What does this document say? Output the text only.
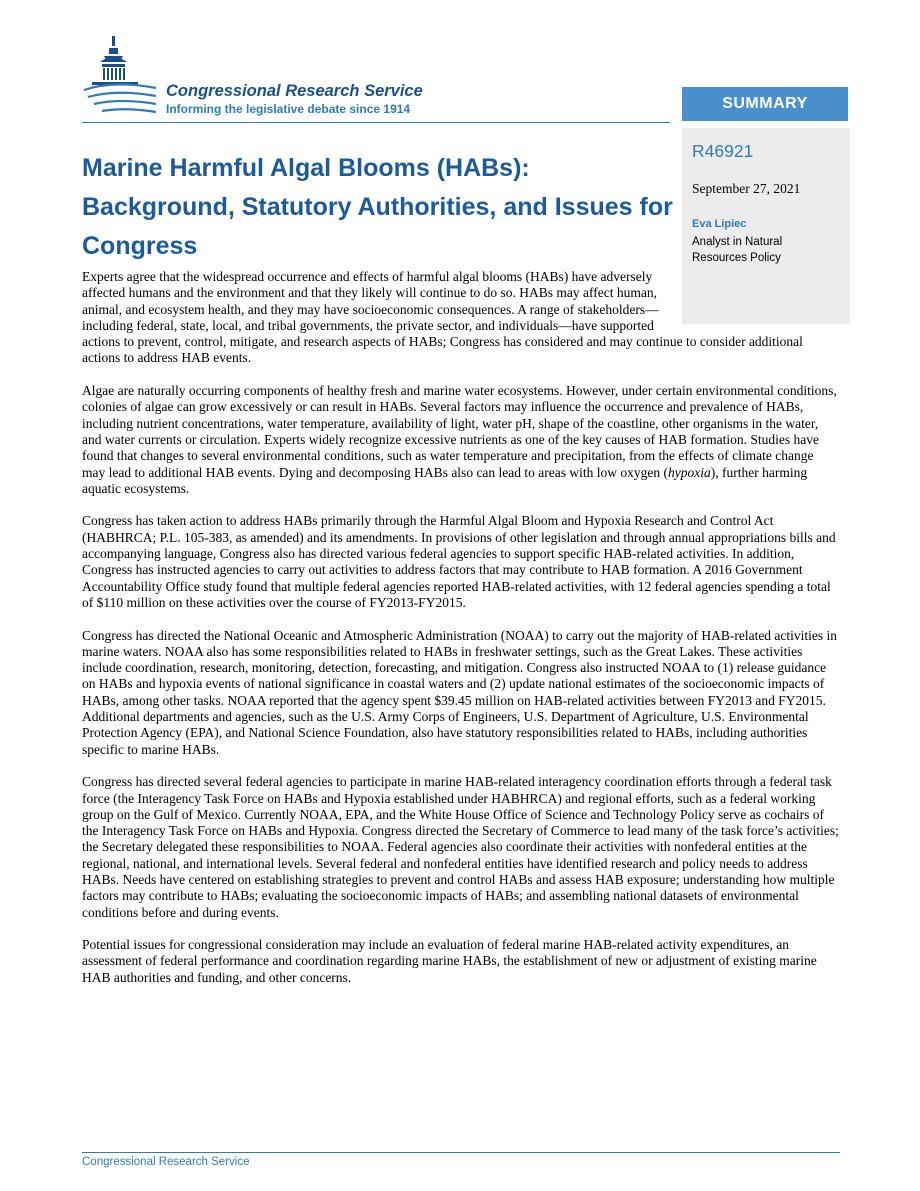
Congressional Research Service
Informing the legislative debate since 1914	SUMMARY
R46921
September 27, 2021
Eva Lipiec
Analyst in Natural Resources Policy
Marine Harmful Algal Blooms (HABs): Background, Statutory Authorities, and Issues for Congress

Experts agree that the widespread occurrence and effects of harmful algal blooms (HABs) have adversely affected humans and the environment and that they likely will continue to do so. HABs may affect human, animal, and ecosystem health, and they may have socioeconomic consequences. A range of stakeholders—including federal, state, local, and tribal governments, the private sector, and individuals—have supported actions to prevent, control, mitigate, and research aspects of HABs; Congress has considered and may continue to consider additional actions to address HAB events.

Algae are naturally occurring components of healthy fresh and marine water ecosystems. However, under certain environmental conditions, colonies of algae can grow excessively or can result in HABs. Several factors may influence the occurrence and prevalence of HABs, including nutrient concentrations, water temperature, availability of light, water pH, shape of the coastline, other organisms in the water, and water currents or circulation. Experts widely recognize excessive nutrients as one of the key causes of HAB formation. Studies have found that changes to several environmental conditions, such as water temperature and precipitation, from the effects of climate change may lead to additional HAB events. Dying and decomposing HABs also can lead to areas with low oxygen (hypoxia), further harming aquatic ecosystems.

Congress has taken action to address HABs primarily through the Harmful Algal Bloom and Hypoxia Research and Control Act (HABHRCA; P.L. 105-383, as amended) and its amendments. In provisions of other legislation and through annual appropriations bills and accompanying language, Congress also has directed various federal agencies to support specific HAB-related activities. In addition, Congress has instructed agencies to carry out activities to address factors that may contribute to HAB formation. A 2016 Government Accountability Office study found that multiple federal agencies reported HAB-related activities, with 12 federal agencies spending a total of $110 million on these activities over the course of FY2013-FY2015.

Congress has directed the National Oceanic and Atmospheric Administration (NOAA) to carry out the majority of HAB-related activities in marine waters. NOAA also has some responsibilities related to HABs in freshwater settings, such as the Great Lakes. These activities include coordination, research, monitoring, detection, forecasting, and mitigation. Congress also instructed NOAA to (1) release guidance on HABs and hypoxia events of national significance in coastal waters and (2) update national estimates of the socioeconomic impacts of HABs, among other tasks. NOAA reported that the agency spent $39.45 million on HAB-related activities between FY2013 and FY2015. Additional departments and agencies, such as the U.S. Army Corps of Engineers, U.S. Department of Agriculture, U.S. Environmental Protection Agency (EPA), and National Science Foundation, also have statutory responsibilities related to HABs, including authorities specific to marine HABs.

Congress has directed several federal agencies to participate in marine HAB-related interagency coordination efforts through a federal task force (the Interagency Task Force on HABs and Hypoxia established under HABHRCA) and regional efforts, such as a federal working group on the Gulf of Mexico. Currently NOAA, EPA, and the White House Office of Science and Technology Policy serve as cochairs of the Interagency Task Force on HABs and Hypoxia. Congress directed the Secretary of Commerce to lead many of the task force’s activities; the Secretary delegated these responsibilities to NOAA. Federal agencies also coordinate their activities with nonfederal entities at the regional, national, and international levels. Several federal and nonfederal entities have identified research and policy needs to address HABs. Needs have centered on establishing strategies to prevent and control HABs and assess HAB exposure; understanding how multiple factors may contribute to HABs; evaluating the socioeconomic impacts of HABs; and assembling national datasets of environmental conditions before and during events.

Potential issues for congressional consideration may include an evaluation of federal marine HAB-related activity expenditures, an assessment of federal performance and coordination regarding marine HABs, the establishment of new or adjustment of existing marine HAB authorities and funding, and other concerns.

Congressional Research Service
